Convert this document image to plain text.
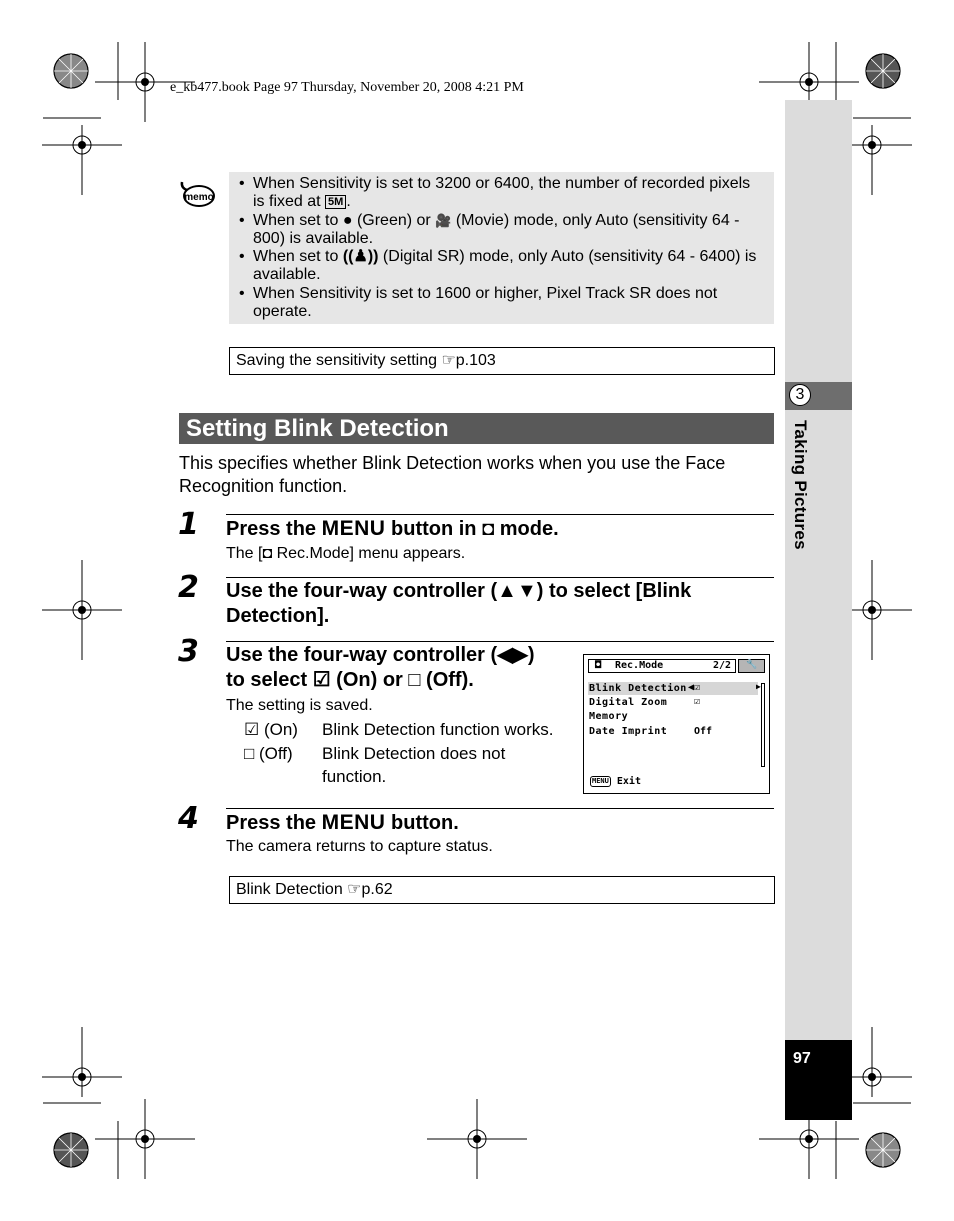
e_kb477.book Page 97 Thursday, November 20, 2008 4:21 PM
3
Taking Pictures
97
memo
• When Sensitivity is set to 3200 or 6400, the number of recorded pixels is fixed at 5M .
• When set to ● (Green) or 🎥 (Movie) mode, only Auto (sensitivity 64 - 800) is available.
• When set to ((♟)) (Digital SR) mode, only Auto (sensitivity 64 - 6400) is available.
• When Sensitivity is set to 1600 or higher, Pixel Track SR does not operate.
Saving the sensitivity setting ☞p.103
Setting Blink Detection
This specifies whether Blink Detection works when you use the Face Recognition function.
1 Press the MENU button in ◘ mode.
The [◘ Rec.Mode] menu appears.
2 Use the four-way controller (▲▼) to select [Blink
Detection].
3 Use the four-way controller (◀▶)
to select ☑ (On) or □ (Off).
The setting is saved.
☑ (On) Blink Detection function works.
□ (Off) Blink Detection does not function.
◘ Rec.Mode	2/2 🔧
Blink Detection ◀☑	▶
Digital Zoom	☑
Memory
Date Imprint	Off
MENU Exit
4 Press the MENU button.
The camera returns to capture status.
Blink Detection ☞p.62
